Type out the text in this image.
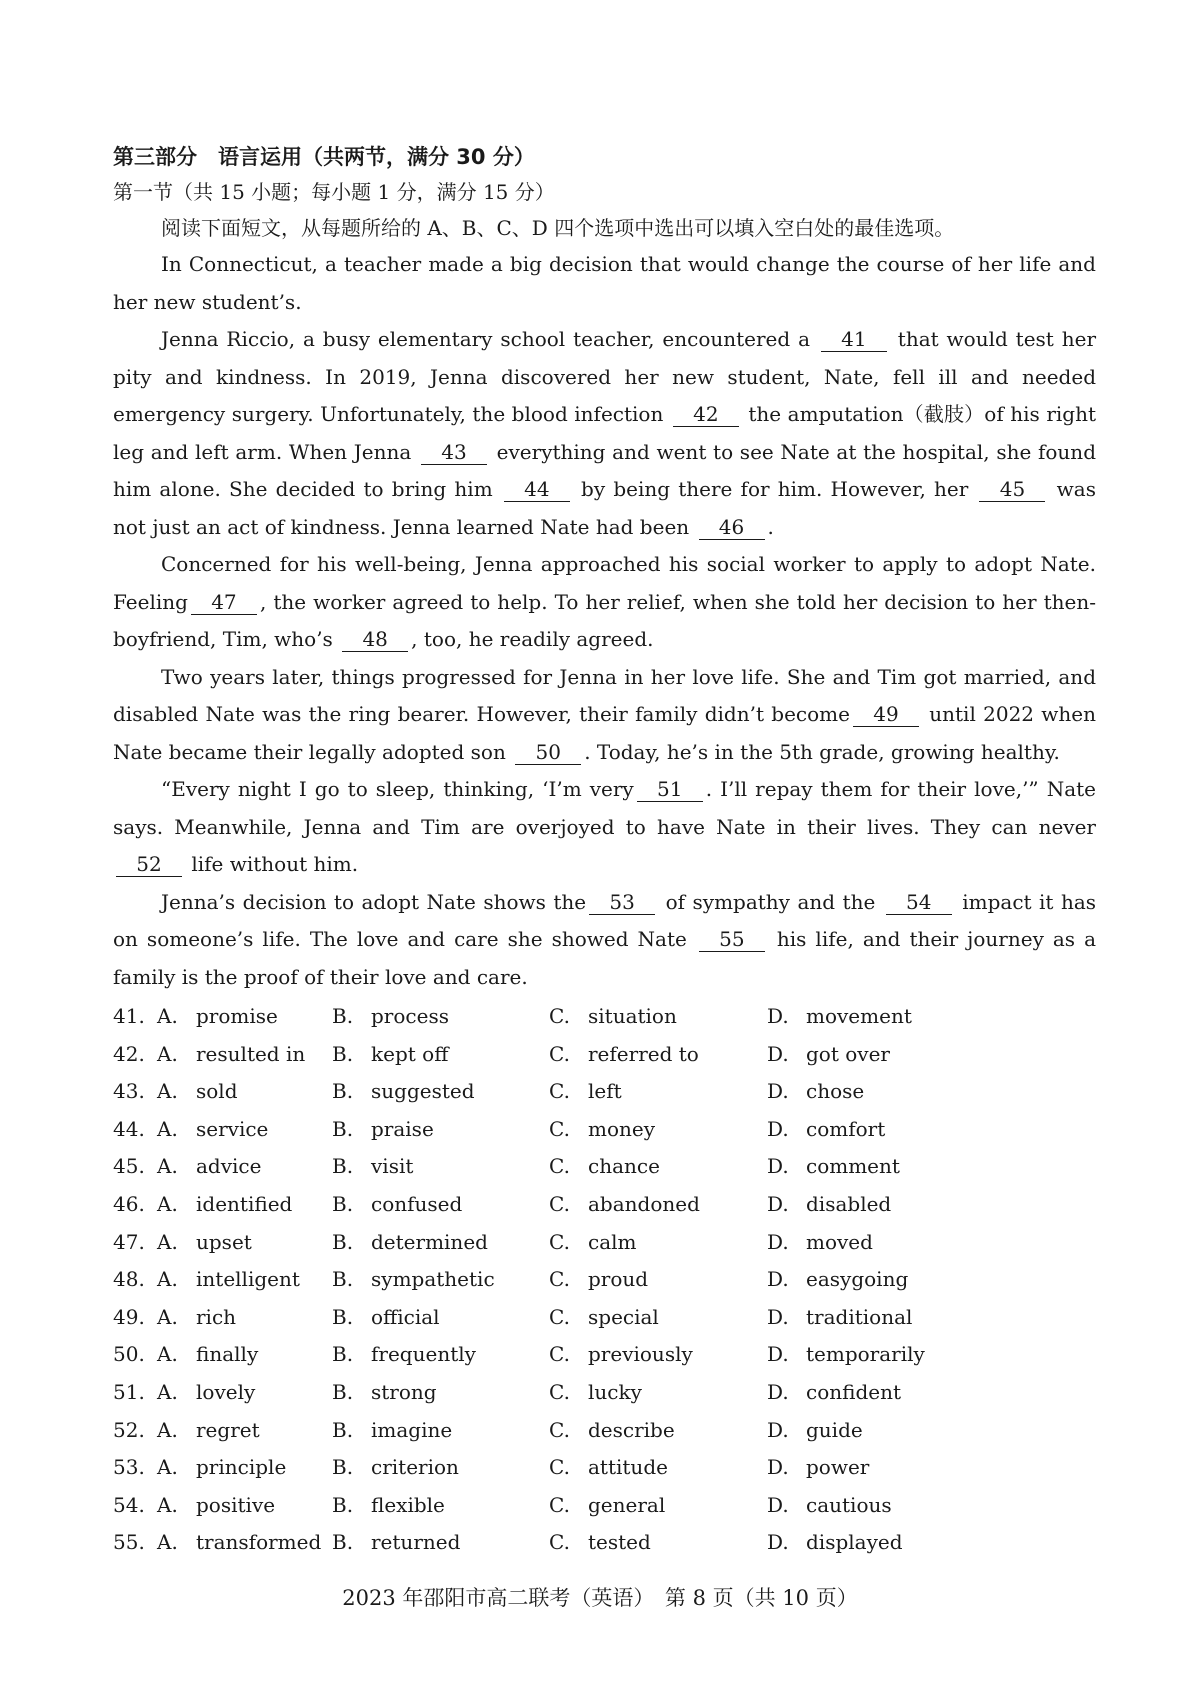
第三部分　语言运用（共两节，满分 30 分）
第一节（共 15 小题；每小题 1 分，满分 15 分）
阅读下面短文，从每题所给的 A、B、C、D 四个选项中选出可以填入空白处的最佳选项。

In Connecticut, a teacher made a big decision that would change the course of her life and her new student’s.

Jenna Riccio, a busy elementary school teacher, encountered a 41 that would test her pity and kindness. In 2019, Jenna discovered her new student, Nate, fell ill and needed emergency surgery. Unfortunately, the blood infection 42 the amputation（截肢）of his right leg and left arm. When Jenna 43 everything and went to see Nate at the hospital, she found him alone. She decided to bring him 44 by being there for him. However, her 45 was not just an act of kindness. Jenna learned Nate had been 46 .

Concerned for his well-being, Jenna approached his social worker to apply to adopt Nate. Feeling 47 , the worker agreed to help. To her relief, when she told her decision to her then-boyfriend, Tim, who’s 48 , too, he readily agreed.

Two years later, things progressed for Jenna in her love life. She and Tim got married, and disabled Nate was the ring bearer. However, their family didn’t become 49 until 2022 when Nate became their legally adopted son 50 . Today, he’s in the 5th grade, growing healthy.

“Every night I go to sleep, thinking, ‘I’m very 51 . I’ll repay them for their love,’” Nate says. Meanwhile, Jenna and Tim are overjoyed to have Nate in their lives. They can never 52 life without him.

Jenna’s decision to adopt Nate shows the 53 of sympathy and the 54 impact it has on someone’s life. The love and care she showed Nate 55 his life, and their journey as a family is the proof of their love and care.

41. A. promise	B. process	C. situation	D. movement
42. A. resulted in B. kept off	C. referred to	D. got over
43. A. sold	B. suggested	C. left	D. chose
44. A. service	B. praise	C. money	D. comfort
45. A. advice	B. visit	C. chance	D. comment
46. A. identified B. confused	C. abandoned	D. disabled
47. A. upset	B. determined	C. calm	D. moved
48. A. intelligent B. sympathetic	C. proud	D. easygoing
49. A. rich	B. official	C. special	D. traditional
50. A. finally	B. frequently	C. previously	D. temporarily
51. A. lovely	B. strong	C. lucky	D. confident
52. A. regret	B. imagine	C. describe	D. guide
53. A. principle B. criterion	C. attitude	D. power
54. A. positive	B. flexible	C. general	D. cautious
55. A. transformed B. returned	C. tested	D. displayed
2023 年邵阳市高二联考（英语）　第 8 页（共 10 页）
